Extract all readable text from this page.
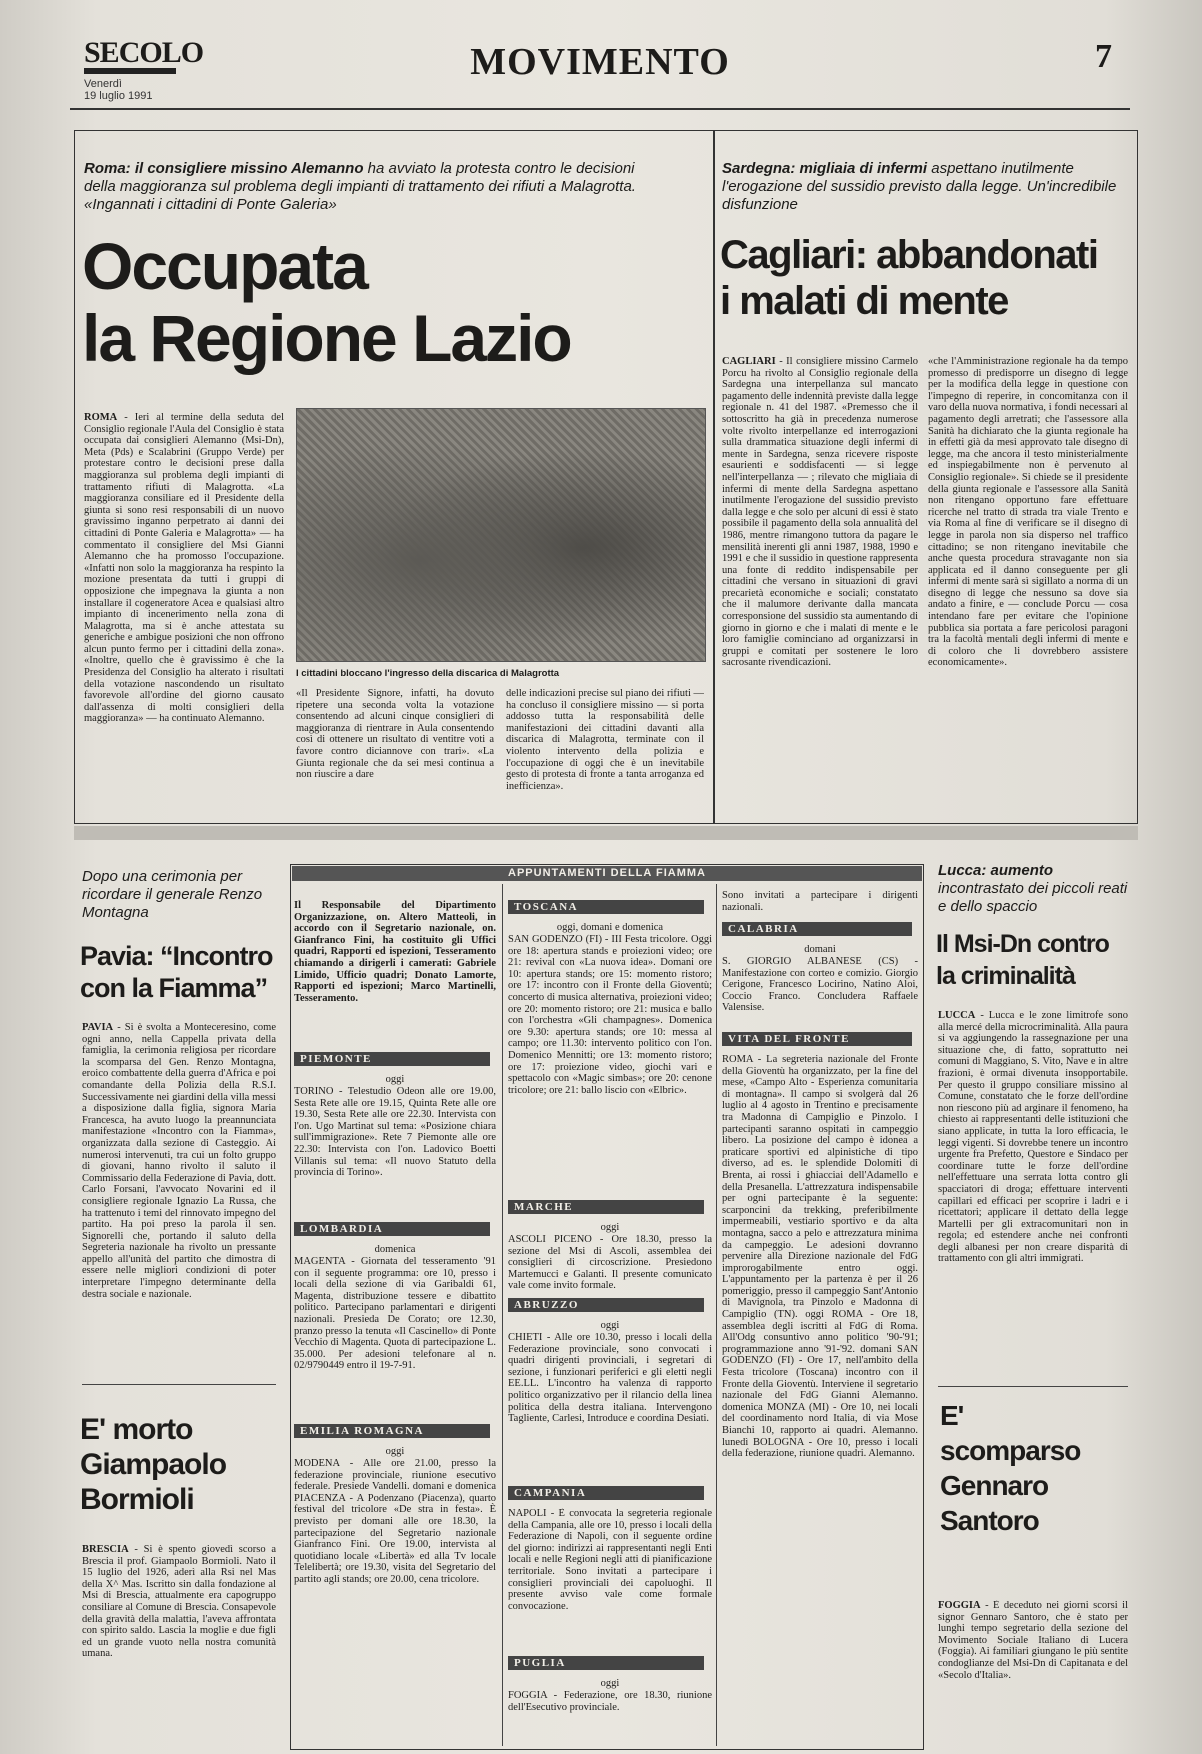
SECOLO
Venerdì
19 luglio 1991
MOVIMENTO	7
Roma: il consigliere missino Alemanno ha avviato la protesta contro le decisioni della maggioranza sul problema degli impianti di trattamento dei rifiuti a Malagrotta. «Ingannati i cittadini di Ponte Galeria»
Occupata
la Regione Lazio
ROMA - Ieri al termine della seduta del Consiglio regionale l'Aula del Consiglio è stata occupata dai consiglieri Alemanno (Msi-Dn), Meta (Pds) e Scalabrini (Gruppo Verde) per protestare contro le decisioni prese dalla maggioranza sul problema degli impianti di trattamento rifiuti di Malagrotta. «La maggioranza consiliare ed il Presidente della giunta si sono resi responsabili di un nuovo gravissimo inganno perpetrato ai danni dei cittadini di Ponte Galeria e Malagrotta» — ha commentato il consigliere del Msi Gianni Alemanno che ha promosso l'occupazione. «Infatti non solo la maggioranza ha respinto la mozione presentata da tutti i gruppi di opposizione che impegnava la giunta a non installare il cogeneratore Acea e qualsiasi altro impianto di incenerimento nella zona di Malagrotta, ma si è anche attestata su generiche e ambigue posizioni che non offrono alcun punto fermo per i cittadini della zona». «Inoltre, quello che è gravissimo è che la Presidenza del Consiglio ha alterato i risultati della votazione nascondendo un risultato favorevole all'ordine del giorno causato dall'assenza di molti consiglieri della maggioranza» — ha continuato Alemanno.
I cittadini bloccano l'ingresso della discarica di Malagrotta
«Il Presidente Signore, infatti, ha dovuto ripetere una seconda volta la votazione consentendo ad alcuni cinque consiglieri di maggioranza di rientrare in Aula consentendo così di ottenere un risultato di ventitre voti a favore contro diciannove con trari». «La Giunta regionale che da sei mesi continua a non riuscire a dare
delle indicazioni precise sul piano dei rifiuti — ha concluso il consigliere missino — si porta addosso tutta la responsabilità delle manifestazioni dei cittadini davanti alla discarica di Malagrotta, terminate con il violento intervento della polizia e l'occupazione di oggi che è un inevitabile gesto di protesta di fronte a tanta arroganza ed inefficienza».
Sardegna: migliaia di infermi aspettano inutilmente l'erogazione del sussidio previsto dalla legge. Un'incredibile disfunzione
Cagliari: abbandonati
i malati di mente
CAGLIARI - Il consigliere missino Carmelo Porcu ha rivolto al Consiglio regionale della Sardegna una interpellanza sul mancato pagamento delle indennità previste dalla legge regionale n. 41 del 1987. «Premesso che il sottoscritto ha già in precedenza numerose volte rivolto interpellanze ed interrogazioni sulla drammatica situazione degli infermi di mente in Sardegna, senza ricevere risposte esaurienti e soddisfacenti — si legge nell'interpellanza — ; rilevato che migliaia di infermi di mente della Sardegna aspettano inutilmente l'erogazione del sussidio previsto dalla legge e che solo per alcuni di essi è stato possibile il pagamento della sola annualità del 1986, mentre rimangono tuttora da pagare le mensilità inerenti gli anni 1987, 1988, 1990 e 1991 e che il sussidio in questione rappresenta una fonte di reddito indispensabile per cittadini che versano in situazioni di gravi precarietà economiche e sociali; constatato che il malumore derivante dalla mancata corresponsione del sussidio sta aumentando di giorno in giorno e che i malati di mente e le loro famiglie cominciano ad organizzarsi in gruppi e comitati per sostenere le loro sacrosante rivendicazioni.
«che l'Amministrazione regionale ha da tempo promesso di predisporre un disegno di legge per la modifica della legge in questione con l'impegno di reperire, in concomitanza con il varo della nuova normativa, i fondi necessari al pagamento degli arretrati; che l'assessore alla Sanità ha dichiarato che la giunta regionale ha in effetti già da mesi approvato tale disegno di legge, ma che ancora il testo ministerialmente ed inspiegabilmente non è pervenuto al Consiglio regionale». Si chiede se il presidente della giunta regionale e l'assessore alla Sanità non ritengano opportuno fare effettuare ricerche nel tratto di strada tra viale Trento e via Roma al fine di verificare se il disegno di legge in parola non sia disperso nel traffico cittadino; se non ritengano inevitabile che anche questa procedura stravagante non sia applicata ed il danno conseguente per gli infermi di mente sarà sì sigillato a norma di un disegno di legge che nessuno sa dove sia andato a finire, e — conclude Porcu — cosa intendano fare per evitare che l'opinione pubblica sia portata a fare pericolosi paragoni tra la facoltà mentali degli infermi di mente e di coloro che li dovrebbero assistere economicamente».
Dopo una cerimonia per ricordare il generale Renzo Montagna
Pavia: “Incontro
con la Fiamma”
PAVIA - Si è svolta a Monteceresino, come ogni anno, nella Cappella privata della famiglia, la cerimonia religiosa per ricordare la scomparsa del Gen. Renzo Montagna, eroico combattente della guerra d'Africa e poi comandante della Polizia della R.S.I. Successivamente nei giardini della villa messi a disposizione dalla figlia, signora Maria Francesca, ha avuto luogo la preannunciata manifestazione «Incontro con la Fiamma», organizzata dalla sezione di Casteggio. Ai numerosi intervenuti, tra cui un folto gruppo di giovani, hanno rivolto il saluto il Commissario della Federazione di Pavia, dott. Carlo Forsani, l'avvocato Novarini ed il consigliere regionale Ignazio La Russa, che ha trattenuto i temi del rinnovato impegno del partito. Ha poi preso la parola il sen. Signorelli che, portando il saluto della Segreteria nazionale ha rivolto un pressante appello all'unità del partito che dimostra di essere nelle migliori condizioni di poter interpretare l'impegno determinante della destra sociale e nazionale.
E' morto
Giampaolo
Bormioli
BRESCIA - Si è spento giovedì scorso a Brescia il prof. Giampaolo Bormioli. Nato il 15 luglio del 1926, aderì alla Rsi nel Mas della X^ Mas. Iscritto sin dalla fondazione al Msi di Brescia, attualmente era capogruppo consiliare al Comune di Brescia. Consapevole della gravità della malattia, l'aveva affrontata con spirito saldo. Lascia la moglie e due figli ed un grande vuoto nella nostra comunità umana.
APPUNTAMENTI DELLA FIAMMA
Il Responsabile del Dipartimento Organizzazione, on. Altero Matteoli, in accordo con il Segretario nazionale, on. Gianfranco Fini, ha costituito gli Uffici quadri, Rapporti ed ispezioni, Tesseramento chiamando a dirigerli i camerati: Gabriele Limido, Ufficio quadri; Donato Lamorte, Rapporti ed ispezioni; Marco Martinelli, Tesseramento.
PIEMONTE
oggi
TORINO - Telestudio Odeon alle ore 19.00, Sesta Rete alle ore 19.15, Quinta Rete alle ore 19.30, Sesta Rete alle ore 22.30. Intervista con l'on. Ugo Martinat sul tema: «Posizione chiara sull'immigrazione». Rete 7 Piemonte alle ore 22.30: Intervista con l'on. Ladovico Boetti Villanis sul tema: «Il nuovo Statuto della provincia di Torino».
LOMBARDIA
domenica
MAGENTA - Giornata del tesseramento '91 con il seguente programma: ore 10, presso i locali della sezione di via Garibaldi 61, Magenta, distribuzione tessere e dibattito politico. Partecipano parlamentari e dirigenti nazionali. Presieda De Corato; ore 12.30, pranzo presso la tenuta «Il Cascinello» di Ponte Vecchio di Magenta. Quota di partecipazione L. 35.000. Per adesioni telefonare al n. 02/9790449 entro il 19-7-91.
EMILIA ROMAGNA
oggi
MODENA - Alle ore 21.00, presso la federazione provinciale, riunione esecutivo federale. Presiede Vandelli. domani e domenica PIACENZA - A Podenzano (Piacenza), quarto festival del tricolore «De stra in festa». È previsto per domani alle ore 18.30, la partecipazione del Segretario nazionale Gianfranco Fini. Ore 19.00, intervista al quotidiano locale «Libertà» ed alla Tv locale Telelibertà; ore 19.30, visita del Segretario del partito agli stands; ore 20.00, cena tricolore.
TOSCANA
oggi, domani e domenica
SAN GODENZO (FI) - III Festa tricolore. Oggi ore 18: apertura stands e proiezioni video; ore 21: revival con «La nuova idea». Domani ore 10: apertura stands; ore 15: momento ristoro; ore 17: incontro con il Fronte della Gioventù; concerto di musica alternativa, proiezioni video; ore 20: momento ristoro; ore 21: musica e ballo con l'orchestra «Gli champagnes». Domenica ore 9.30: apertura stands; ore 10: messa al campo; ore 11.30: intervento politico con l'on. Domenico Mennitti; ore 13: momento ristoro; ore 17: proiezione video, giochi vari e spettacolo con «Magic simbas»; ore 20: cenone tricolore; ore 21: ballo liscio con «Elbric».
MARCHE
oggi
ASCOLI PICENO - Ore 18.30, presso la sezione del Msi di Ascoli, assemblea dei consiglieri di circoscrizione. Presiedono Martemucci e Galanti. Il presente comunicato vale come invito formale.
ABRUZZO
oggi
CHIETI - Alle ore 10.30, presso i locali della Federazione provinciale, sono convocati i quadri dirigenti provinciali, i segretari di sezione, i funzionari periferici e gli eletti negli EE.LL. L'incontro ha valenza di rapporto politico organizzativo per il rilancio della linea politica della destra italiana. Intervengono Tagliente, Carlesi, Introduce e coordina Desiati.
CAMPANIA
NAPOLI - È convocata la segreteria regionale della Campania, alle ore 10, presso i locali della Federazione di Napoli, con il seguente ordine del giorno: indirizzi ai rappresentanti negli Enti locali e nelle Regioni negli atti di pianificazione territoriale. Sono invitati a partecipare i consiglieri provinciali dei capoluoghi. Il presente avviso vale come formale convocazione.
PUGLIA
oggi
FOGGIA - Federazione, ore 18.30, riunione dell'Esecutivo provinciale.
Sono invitati a partecipare i dirigenti nazionali.
CALABRIA
domani
S. GIORGIO ALBANESE (CS) - Manifestazione con corteo e comizio. Giorgio Cerigone, Francesco Locirino, Natino Aloi, Coccio Franco. Concludera Raffaele Valensise.
VITA DEL FRONTE
ROMA - La segreteria nazionale del Fronte della Gioventù ha organizzato, per la fine del mese, «Campo Alto - Esperienza comunitaria di montagna». Il campo si svolgerà dal 26 luglio al 4 agosto in Trentino e precisamente tra Madonna di Campiglio e Pinzolo. I partecipanti saranno ospitati in campeggio libero. La posizione del campo è idonea a praticare sportivi ed alpinistiche di tipo diverso, ad es. le splendide Dolomiti di Brenta, ai rossi i ghiacciai dell'Adamello e della Presanella. L'attrezzatura indispensabile per ogni partecipante è la seguente: scarponcini da trekking, preferibilmente impermeabili, vestiario sportivo e da alta montagna, sacco a pelo e attrezzatura minima da campeggio. Le adesioni dovranno pervenire alla Direzione nazionale del FdG improrogabilmente entro oggi. L'appuntamento per la partenza è per il 26 pomeriggio, presso il campeggio Sant'Antonio di Mavignola, tra Pinzolo e Madonna di Campiglio (TN). oggi ROMA - Ore 18, assemblea degli iscritti al FdG di Roma. All'Odg consuntivo anno politico '90-'91; programmazione anno '91-'92. domani SAN GODENZO (FI) - Ore 17, nell'ambito della Festa tricolore (Toscana) incontro con il Fronte della Gioventù. Interviene il segretario nazionale del FdG Gianni Alemanno. domenica MONZA (MI) - Ore 10, nei locali del coordinamento nord Italia, di via Mose Bianchi 10, rapporto ai quadri. Alemanno. lunedì BOLOGNA - Ore 10, presso i locali della federazione, riunione quadri. Alemanno.
Lucca: aumento incontrastato dei piccoli reati e dello spaccio
Il Msi-Dn contro
la criminalità
LUCCA - Lucca e le zone limitrofe sono alla mercé della microcriminalità. Alla paura si va aggiungendo la rassegnazione per una situazione che, di fatto, soprattutto nei comuni di Maggiano, S. Vito, Nave e in altre frazioni, è ormai divenuta insopportabile. Per questo il gruppo consiliare missino al Comune, constatato che le forze dell'ordine non riescono più ad arginare il fenomeno, ha chiesto ai rappresentanti delle istituzioni che siano applicate, in tutta la loro efficacia, le leggi vigenti. Si dovrebbe tenere un incontro urgente fra Prefetto, Questore e Sindaco per coordinare tutte le forze dell'ordine nell'effettuare una serrata lotta contro gli spacciatori di droga; effettuare interventi capillari ed efficaci per scoprire i ladri e i ricettatori; applicare il dettato della legge Martelli per gli extracomunitari non in regola; ed estendere anche nei confronti degli albanesi per non creare disparità di trattamento con gli altri immigrati.
E'
scomparso
Gennaro
Santoro
FOGGIA - È deceduto nei giorni scorsi il signor Gennaro Santoro, che è stato per lunghi tempo segretario della sezione del Movimento Sociale Italiano di Lucera (Foggia). Ai familiari giungano le più sentite condoglianze del Msi-Dn di Capitanata e del «Secolo d'Italia».
